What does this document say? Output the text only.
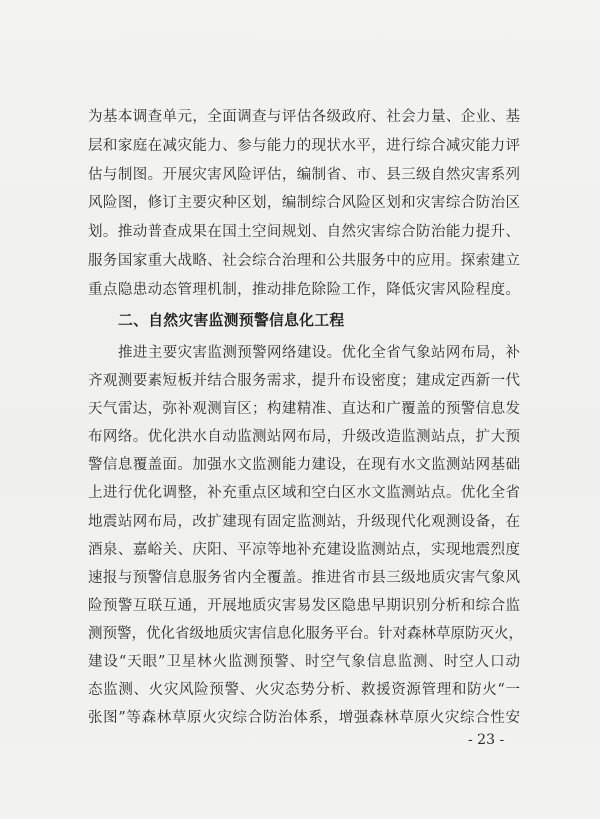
为基本调查单元，全面调查与评估各级政府、社会力量、企业、基
层和家庭在减灾能力、参与能力的现状水平，进行综合减灾能力评
估与制图。开展灾害风险评估，编制省、市、县三级自然灾害系列
风险图，修订主要灾种区划，编制综合风险区划和灾害综合防治区
划。推动普查成果在国土空间规划、自然灾害综合防治能力提升、
服务国家重大战略、社会综合治理和公共服务中的应用。探索建立
重点隐患动态管理机制，推动排危除险工作，降低灾害风险程度。
二、自然灾害监测预警信息化工程
推进主要灾害监测预警网络建设。优化全省气象站网布局，补
齐观测要素短板并结合服务需求，提升布设密度；建成定西新一代
天气雷达，弥补观测盲区；构建精准、直达和广覆盖的预警信息发
布网络。优化洪水自动监测站网布局，升级改造监测站点，扩大预
警信息覆盖面。加强水文监测能力建设，在现有水文监测站网基础
上进行优化调整，补充重点区域和空白区水文监测站点。优化全省
地震站网布局，改扩建现有固定监测站，升级现代化观测设备，在
酒泉、嘉峪关、庆阳、平凉等地补充建设监测站点，实现地震烈度
速报与预警信息服务省内全覆盖。推进省市县三级地质灾害气象风
险预警互联互通，开展地质灾害易发区隐患早期识别分析和综合监
测预警，优化省级地质灾害信息化服务平台。针对森林草原防灭火，
建设“天眼”卫星林火监测预警、时空气象信息监测、时空人口动
态监测、火灾风险预警、火灾态势分析、救援资源管理和防火“一
张图”等森林草原火灾综合防治体系，增强森林草原火灾综合性安
- 23 -
